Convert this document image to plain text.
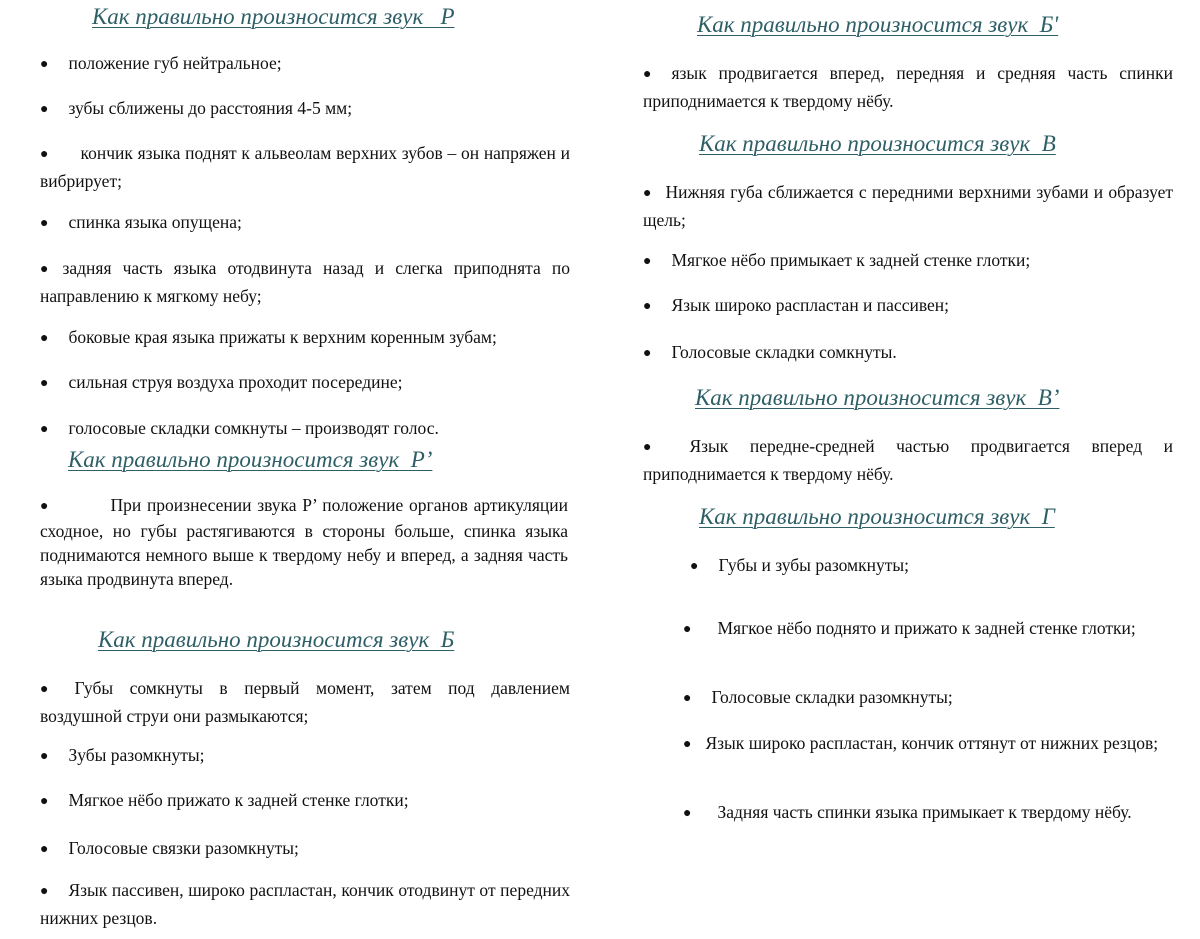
Как правильно произносится звук   Р
● положение губ нейтральное;
● зубы сближены до расстояния 4-5 мм;
● кончик языка поднят к альвеолам верхних зубов – он напряжен и вибрирует;
● спинка языка опущена;
● задняя часть языка отодвинута назад и слегка приподнята по направлению к мягкому небу;
● боковые края языка прижаты к верхним коренным зубам;
● сильная струя воздуха проходит посередине;
● голосовые складки сомкнуты – производят голос.
Как правильно произносится звук  Р’
●	При произнесении звука Р’ положение органов артикуляции сходное, но губы растягиваются в стороны больше, спинка языка поднимаются немного выше к твердому небу и вперед, а задняя часть языка продвинута вперед.
Как правильно произносится звук  Б
● Губы сомкнуты в первый момент, затем под давлением воздушной струи они размыкаются;
● Зубы разомкнуты;
● Мягкое нёбо прижато к задней стенке глотки;
● Голосовые связки разомкнуты;
● Язык пассивен, широко распластан, кончик отодвинут от передних нижних резцов.
Как правильно произносится звук  Б'
● язык продвигается вперед, передняя и средняя часть спинки приподнимается к твердому нёбу.
Как правильно произносится звук  В
● Нижняя губа сближается с передними верхними зубами и образует щель;
● Мягкое нёбо примыкает к задней стенке глотки;
● Язык широко распластан и пассивен;
● Голосовые складки сомкнуты.
Как правильно произносится звук  В’
● Язык передне-средней частью продвигается вперед и приподнимается к твердому нёбу.
Как правильно произносится звук  Г
● Губы и зубы разомкнуты;
● Мягкое нёбо поднято и прижато к задней стенке глотки;
● Голосовые складки разомкнуты;
● Язык широко распластан, кончик оттянут от нижних резцов;
● Задняя часть спинки языка примыкает к твердому нёбу.
